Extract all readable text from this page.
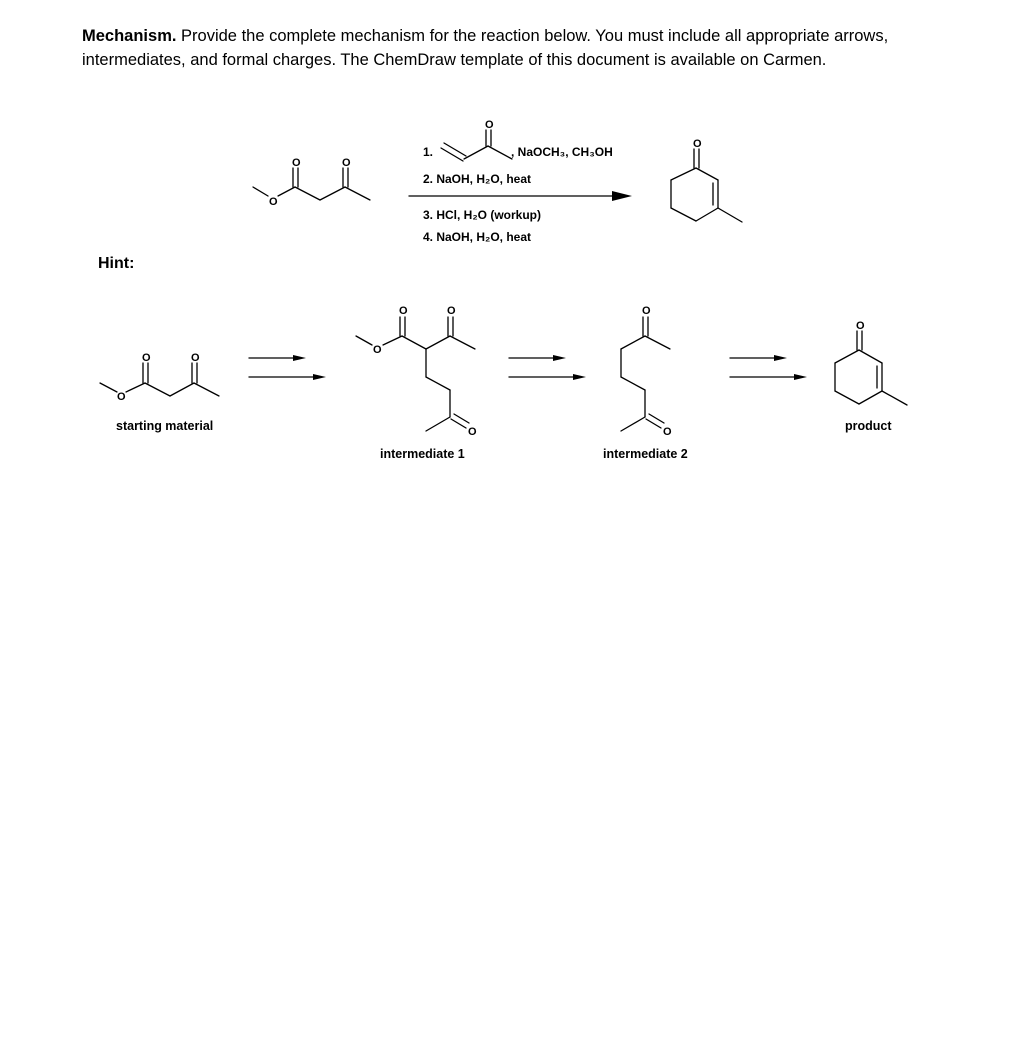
Mechanism. Provide the complete mechanism for the reaction below. You must include all appropriate arrows, intermediates, and formal charges. The ChemDraw template of this document is available on Carmen.

Hint:

O
O	O
O
1.	, NaOCH₃, CH₃OH
2. NaOH, H₂O, heat
3. HCl, H₂O (workup)
4. NaOH, H₂O, heat
O
O
O	O
O
O	O
O
O
O
O
starting material
intermediate 1	intermediate 2
product
